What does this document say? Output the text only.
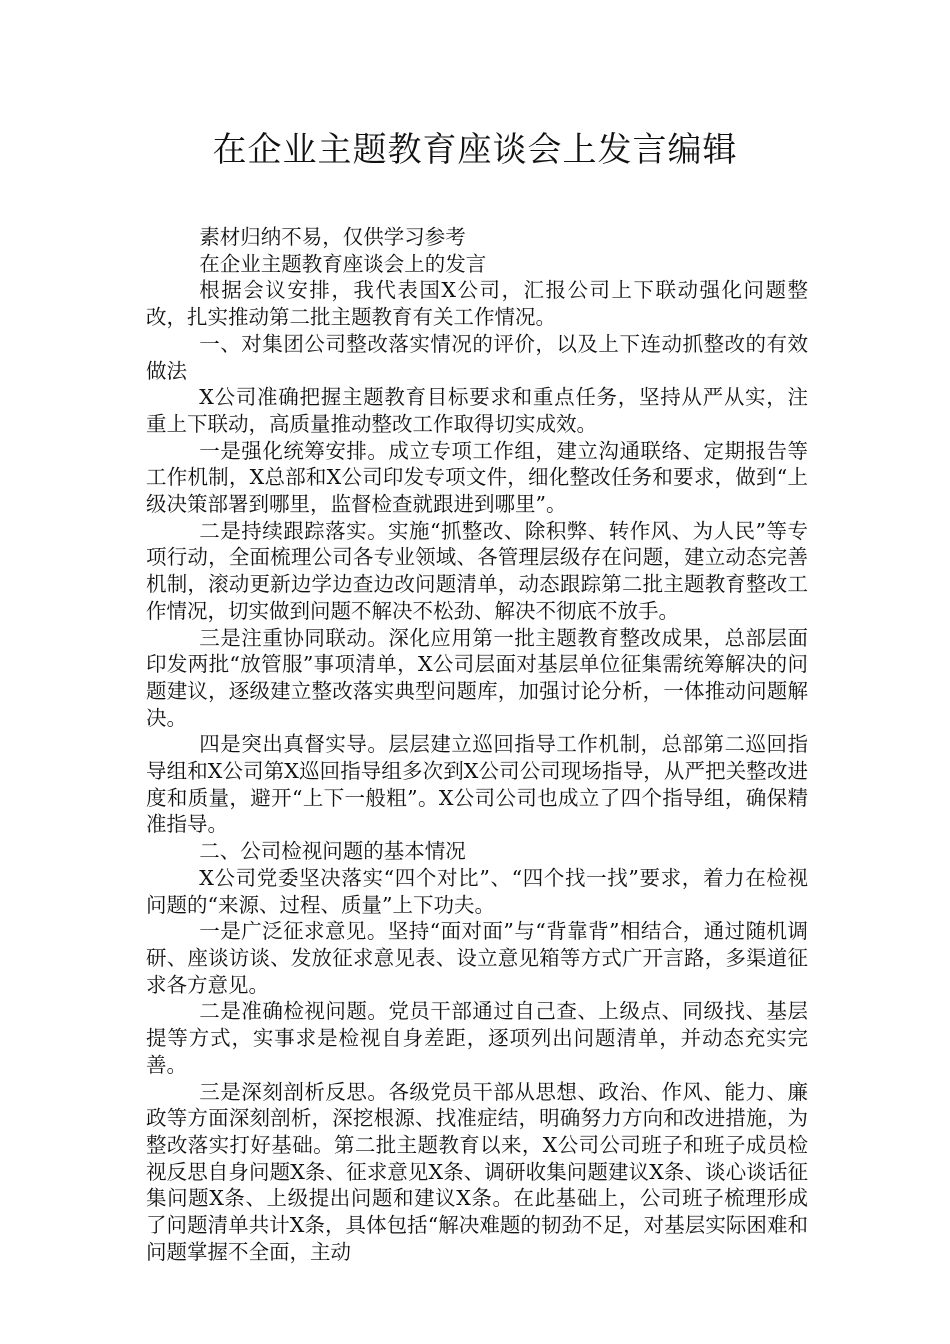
在企业主题教育座谈会上发言编辑

素材归纳不易，仅供学习参考

在企业主题教育座谈会上的发言

根据会议安排，我代表国X公司，汇报公司上下联动强化问题整改，扎实推动第二批主题教育有关工作情况。

一、对集团公司整改落实情况的评价，以及上下连动抓整改的有效做法

X公司准确把握主题教育目标要求和重点任务，坚持从严从实，注重上下联动，高质量推动整改工作取得切实成效。

一是强化统筹安排。成立专项工作组，建立沟通联络、定期报告等工作机制，X总部和X公司印发专项文件，细化整改任务和要求，做到“上级决策部署到哪里，监督检查就跟进到哪里”。

二是持续跟踪落实。实施“抓整改、除积弊、转作风、为人民”等专项行动，全面梳理公司各专业领域、各管理层级存在问题，建立动态完善机制，滚动更新边学边查边改问题清单，动态跟踪第二批主题教育整改工作情况，切实做到问题不解决不松劲、解决不彻底不放手。

三是注重协同联动。深化应用第一批主题教育整改成果，总部层面印发两批“放管服”事项清单，X公司层面对基层单位征集需统筹解决的问题建议，逐级建立整改落实典型问题库，加强讨论分析，一体推动问题解决。

四是突出真督实导。层层建立巡回指导工作机制，总部第二巡回指导组和X公司第X巡回指导组多次到X公司公司现场指导，从严把关整改进度和质量，避开“上下一般粗”。X公司公司也成立了四个指导组，确保精准指导。

二、公司检视问题的基本情况

X公司党委坚决落实“四个对比”、“四个找一找”要求，着力在检视问题的“来源、过程、质量”上下功夫。

一是广泛征求意见。坚持“面对面”与“背靠背”相结合，通过随机调研、座谈访谈、发放征求意见表、设立意见箱等方式广开言路，多渠道征求各方意见。

二是准确检视问题。党员干部通过自己查、上级点、同级找、基层提等方式，实事求是检视自身差距，逐项列出问题清单，并动态充实完善。

三是深刻剖析反思。各级党员干部从思想、政治、作风、能力、廉政等方面深刻剖析，深挖根源、找准症结，明确努力方向和改进措施，为整改落实打好基础。第二批主题教育以来，X公司公司班子和班子成员检视反思自身问题X条、征求意见X条、调研收集问题建议X条、谈心谈话征集问题X条、上级提出问题和建议X条。在此基础上，公司班子梳理形成了问题清单共计X条，具体包括“解决难题的韧劲不足，对基层实际困难和问题掌握不全面，主动
